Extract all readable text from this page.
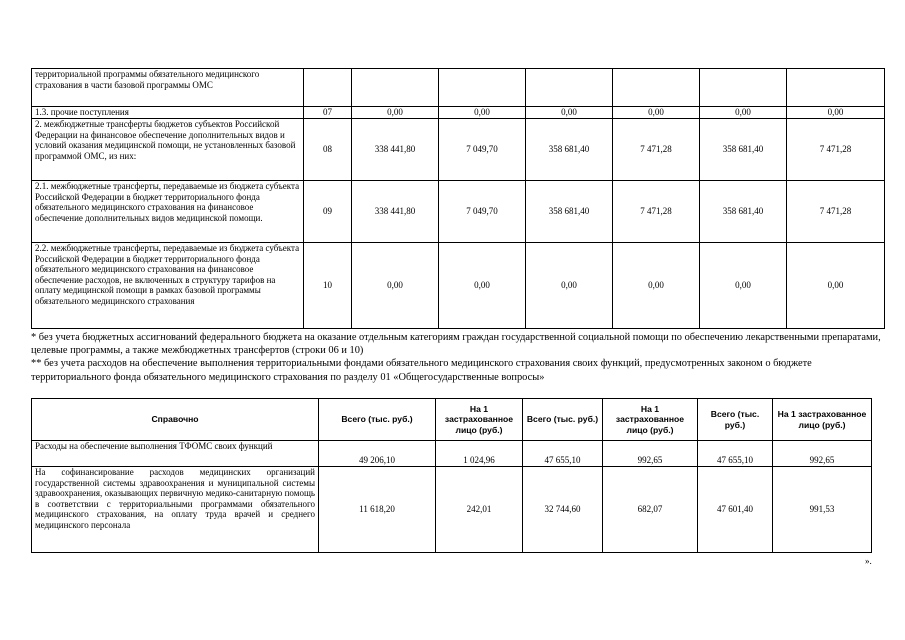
территориальной программы обязательного медицинского страхования в части базовой программы ОМС							
1.3. прочие поступления	07	0,00	0,00	0,00	0,00	0,00	0,00
2. межбюджетные трансферты бюджетов субъектов Российской Федерации на финансовое обеспечение дополнительных видов и условий оказания медицинской помощи, не установленных базовой программой ОМС, из них:	08	338 441,80	7 049,70	358 681,40	7 471,28	358 681,40	7 471,28
2.1. межбюджетные трансферты, передаваемые из бюджета субъекта Российской Федерации в бюджет территориального фонда обязательного медицинского страхования на финансовое обеспечение дополнительных видов медицинской помощи.	09	338 441,80	7 049,70	358 681,40	7 471,28	358 681,40	7 471,28
2.2. межбюджетные трансферты, передаваемые из бюджета субъекта Российской Федерации в бюджет территориального фонда обязательного медицинского страхования на финансовое обеспечение расходов, не включенных в структуру тарифов на оплату медицинской помощи в рамках базовой программы обязательного медицинского страхования	10	0,00	0,00	0,00	0,00	0,00	0,00

* без учета бюджетных ассигнований федерального бюджета на оказание отдельным категориям граждан государственной социальной помощи по обеспечению лекарственными препаратами, целевые программы, а также межбюджетных трансфертов (строки 06 и 10)

** без учета расходов на обеспечение выполнения территориальными фондами обязательного медицинского страхования своих функций, предусмотренных законом о бюджете территориального фонда обязательного медицинского страхования по разделу 01 «Общегосударственные вопросы»

Справочно	Всего (тыс. руб.)	На 1 застрахованное лицо (руб.)	Всего (тыс. руб.)	На 1 застрахованное лицо (руб.)	Всего (тыс. руб.)	На 1 застрахованное лицо (руб.)
Расходы на обеспечение выполнения ТФОМС своих функций	49 206,10	1 024,96	47 655,10	992,65	47 655,10	992,65
На софинансирование расходов медицинских организаций государственной системы здравоохранения и муниципальной системы здравоохранения, оказывающих первичную медико-санитарную помощь в соответствии с территориальными программами обязательного медицинского страхования, на оплату труда врачей и среднего медицинского персонала	11 618,20	242,01	32 744,60	682,07	47 601,40	991,53
».
